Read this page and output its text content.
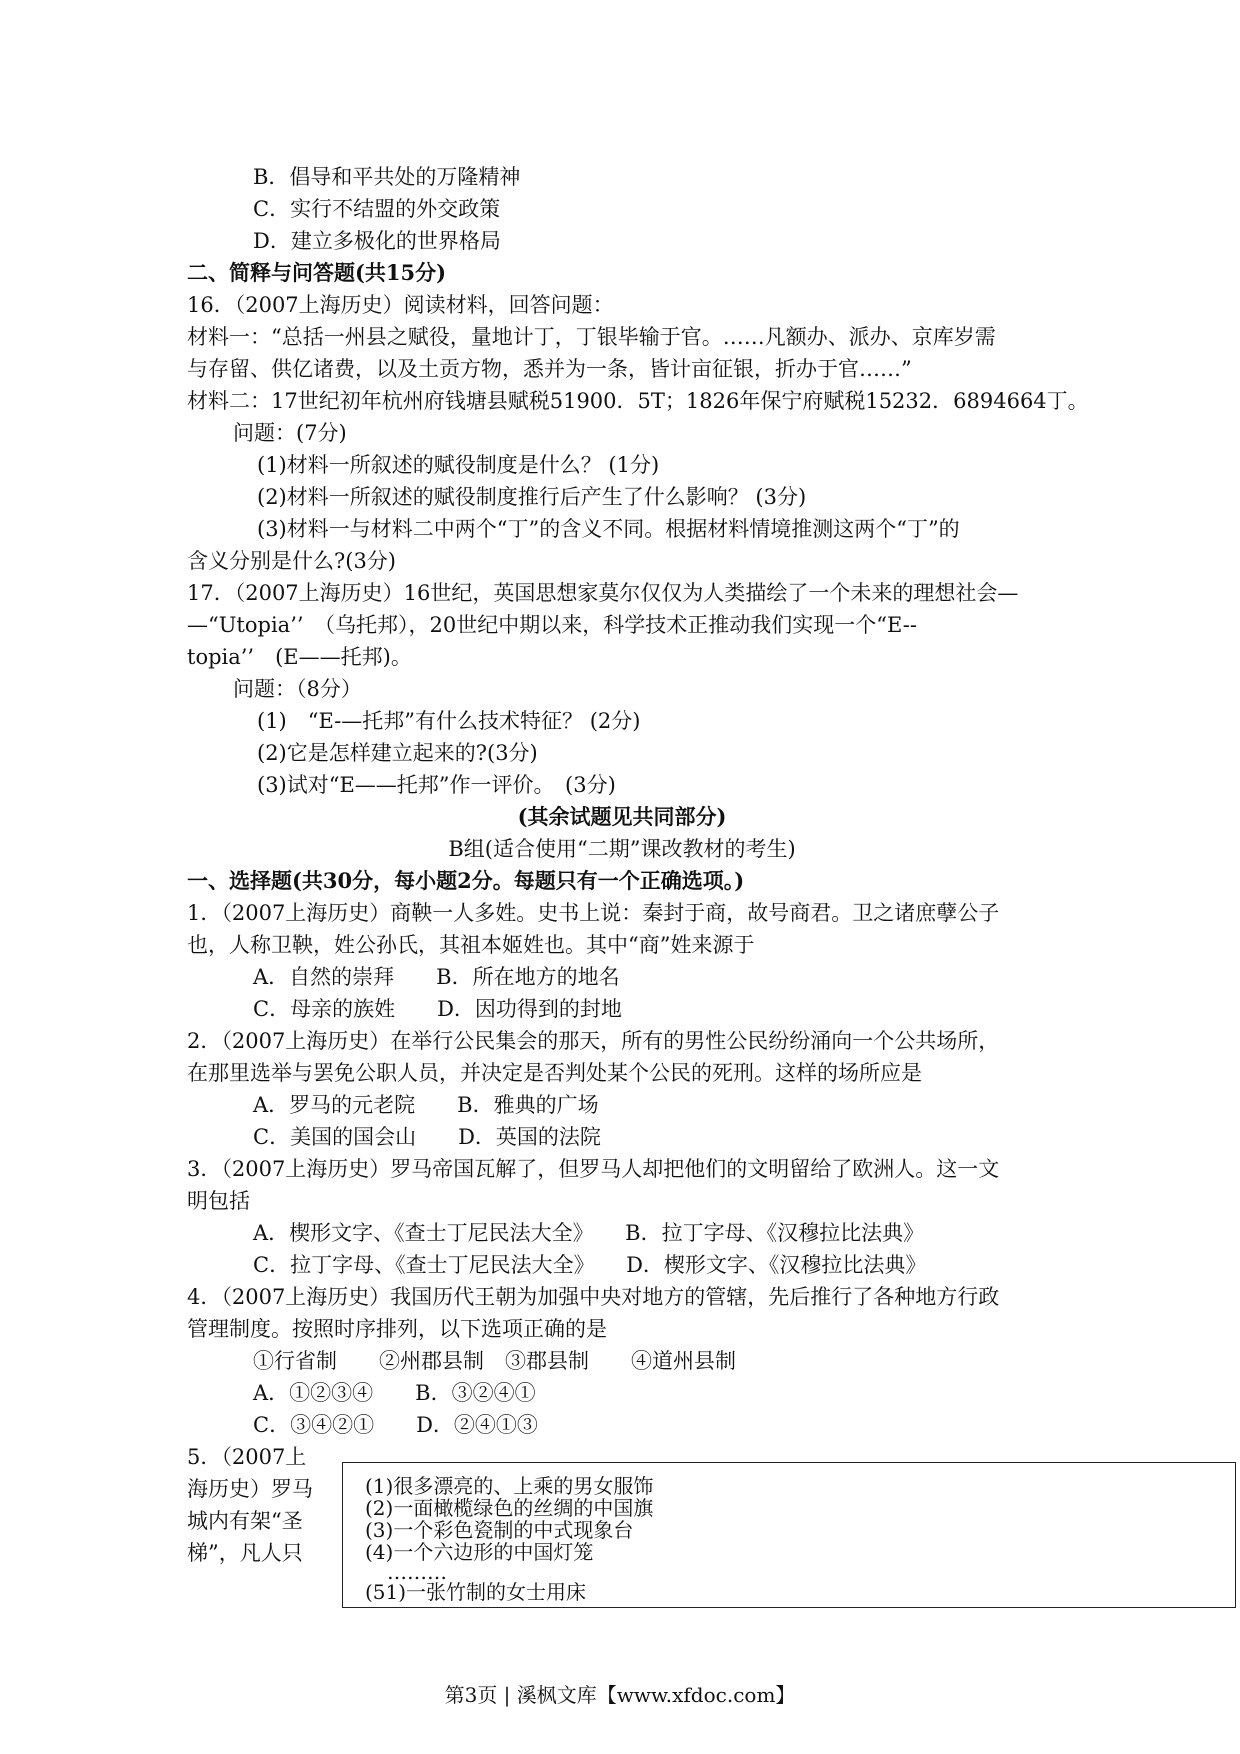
B．倡导和平共处的万隆精神
C．实行不结盟的外交政策
D．建立多极化的世界格局
二、简释与问答题(共15分)
16．（2007上海历史）阅读材料，回答问题：
材料一：“总括一州县之赋役，量地计丁，丁银毕输于官。……凡额办、派办、京库岁需
与存留、供亿诸费，以及土贡方物，悉并为一条，皆计亩征银，折办于官……”
材料二：17世纪初年杭州府钱塘县赋税51900．5T；1826年保宁府赋税15232．6894664丁。
问题：(7分)
(1)材料一所叙述的赋役制度是什么？ (1分)
(2)材料一所叙述的赋役制度推行后产生了什么影响？ (3分)
(3)材料一与材料二中两个“丁”的含义不同。根据材料情境推测这两个“丁”的
含义分别是什么?(3分)
17．（2007上海历史）16世纪，英国思想家莫尔仅仅为人类描绘了一个未来的理想社会—
—“Utopia’’　（乌托邦），20世纪中期以来，科学技术正推动我们实现一个“E--
topia’’　(E——托邦)。
问题：（8分）
(1)　“E-—托邦”有什么技术特征？ (2分)
(2)它是怎样建立起来的?(3分)
(3)试对“E——托邦”作一评价。　(3分)
(其余试题见共同部分)
B组(适合使用“二期”课改教材的考生)
一、选择题(共30分，每小题2分。每题只有一个正确选项。)
1．（2007上海历史）商鞅一人多姓。史书上说：秦封于商，故号商君。卫之诸庶孽公子
也，人称卫鞅，姓公孙氏，其祖本姬姓也。其中“商”姓来源于
A．自然的崇拜　　B．所在地方的地名
C．母亲的族姓　　D．因功得到的封地
2．（2007上海历史）在举行公民集会的那天，所有的男性公民纷纷涌向一个公共场所，
在那里选举与罢免公职人员，并决定是否判处某个公民的死刑。这样的场所应是
A．罗马的元老院　　B．雅典的广场
C．美国的国会山　　D．英国的法院
3．（2007上海历史）罗马帝国瓦解了，但罗马人却把他们的文明留给了欧洲人。这一文
明包括
A．楔形文字、《查士丁尼民法大全》　　B．拉丁字母、《汉穆拉比法典》
C．拉丁字母、《查士丁尼民法大全》　　D．楔形文字、《汉穆拉比法典》
4．（2007上海历史）我国历代王朝为加强中央对地方的管辖，先后推行了各种地方行政
管理制度。按照时序排列，以下选项正确的是
①行省制　　②州郡县制　③郡县制　　④道州县制
A．①②③④　　B．③②④①
C．③④②①　　D．②④①③
5．（2007上
海历史）罗马
城内有架“圣
梯”，凡人只
(1)很多漂亮的、上乘的男女服饰
(2)一面橄榄绿色的丝绸的中国旗
(3)一个彩色瓷制的中式现象台
(4)一个六边形的中国灯笼
………
(51)一张竹制的女士用床
第3页 | 溪枫文库【www.xfdoc.com】
